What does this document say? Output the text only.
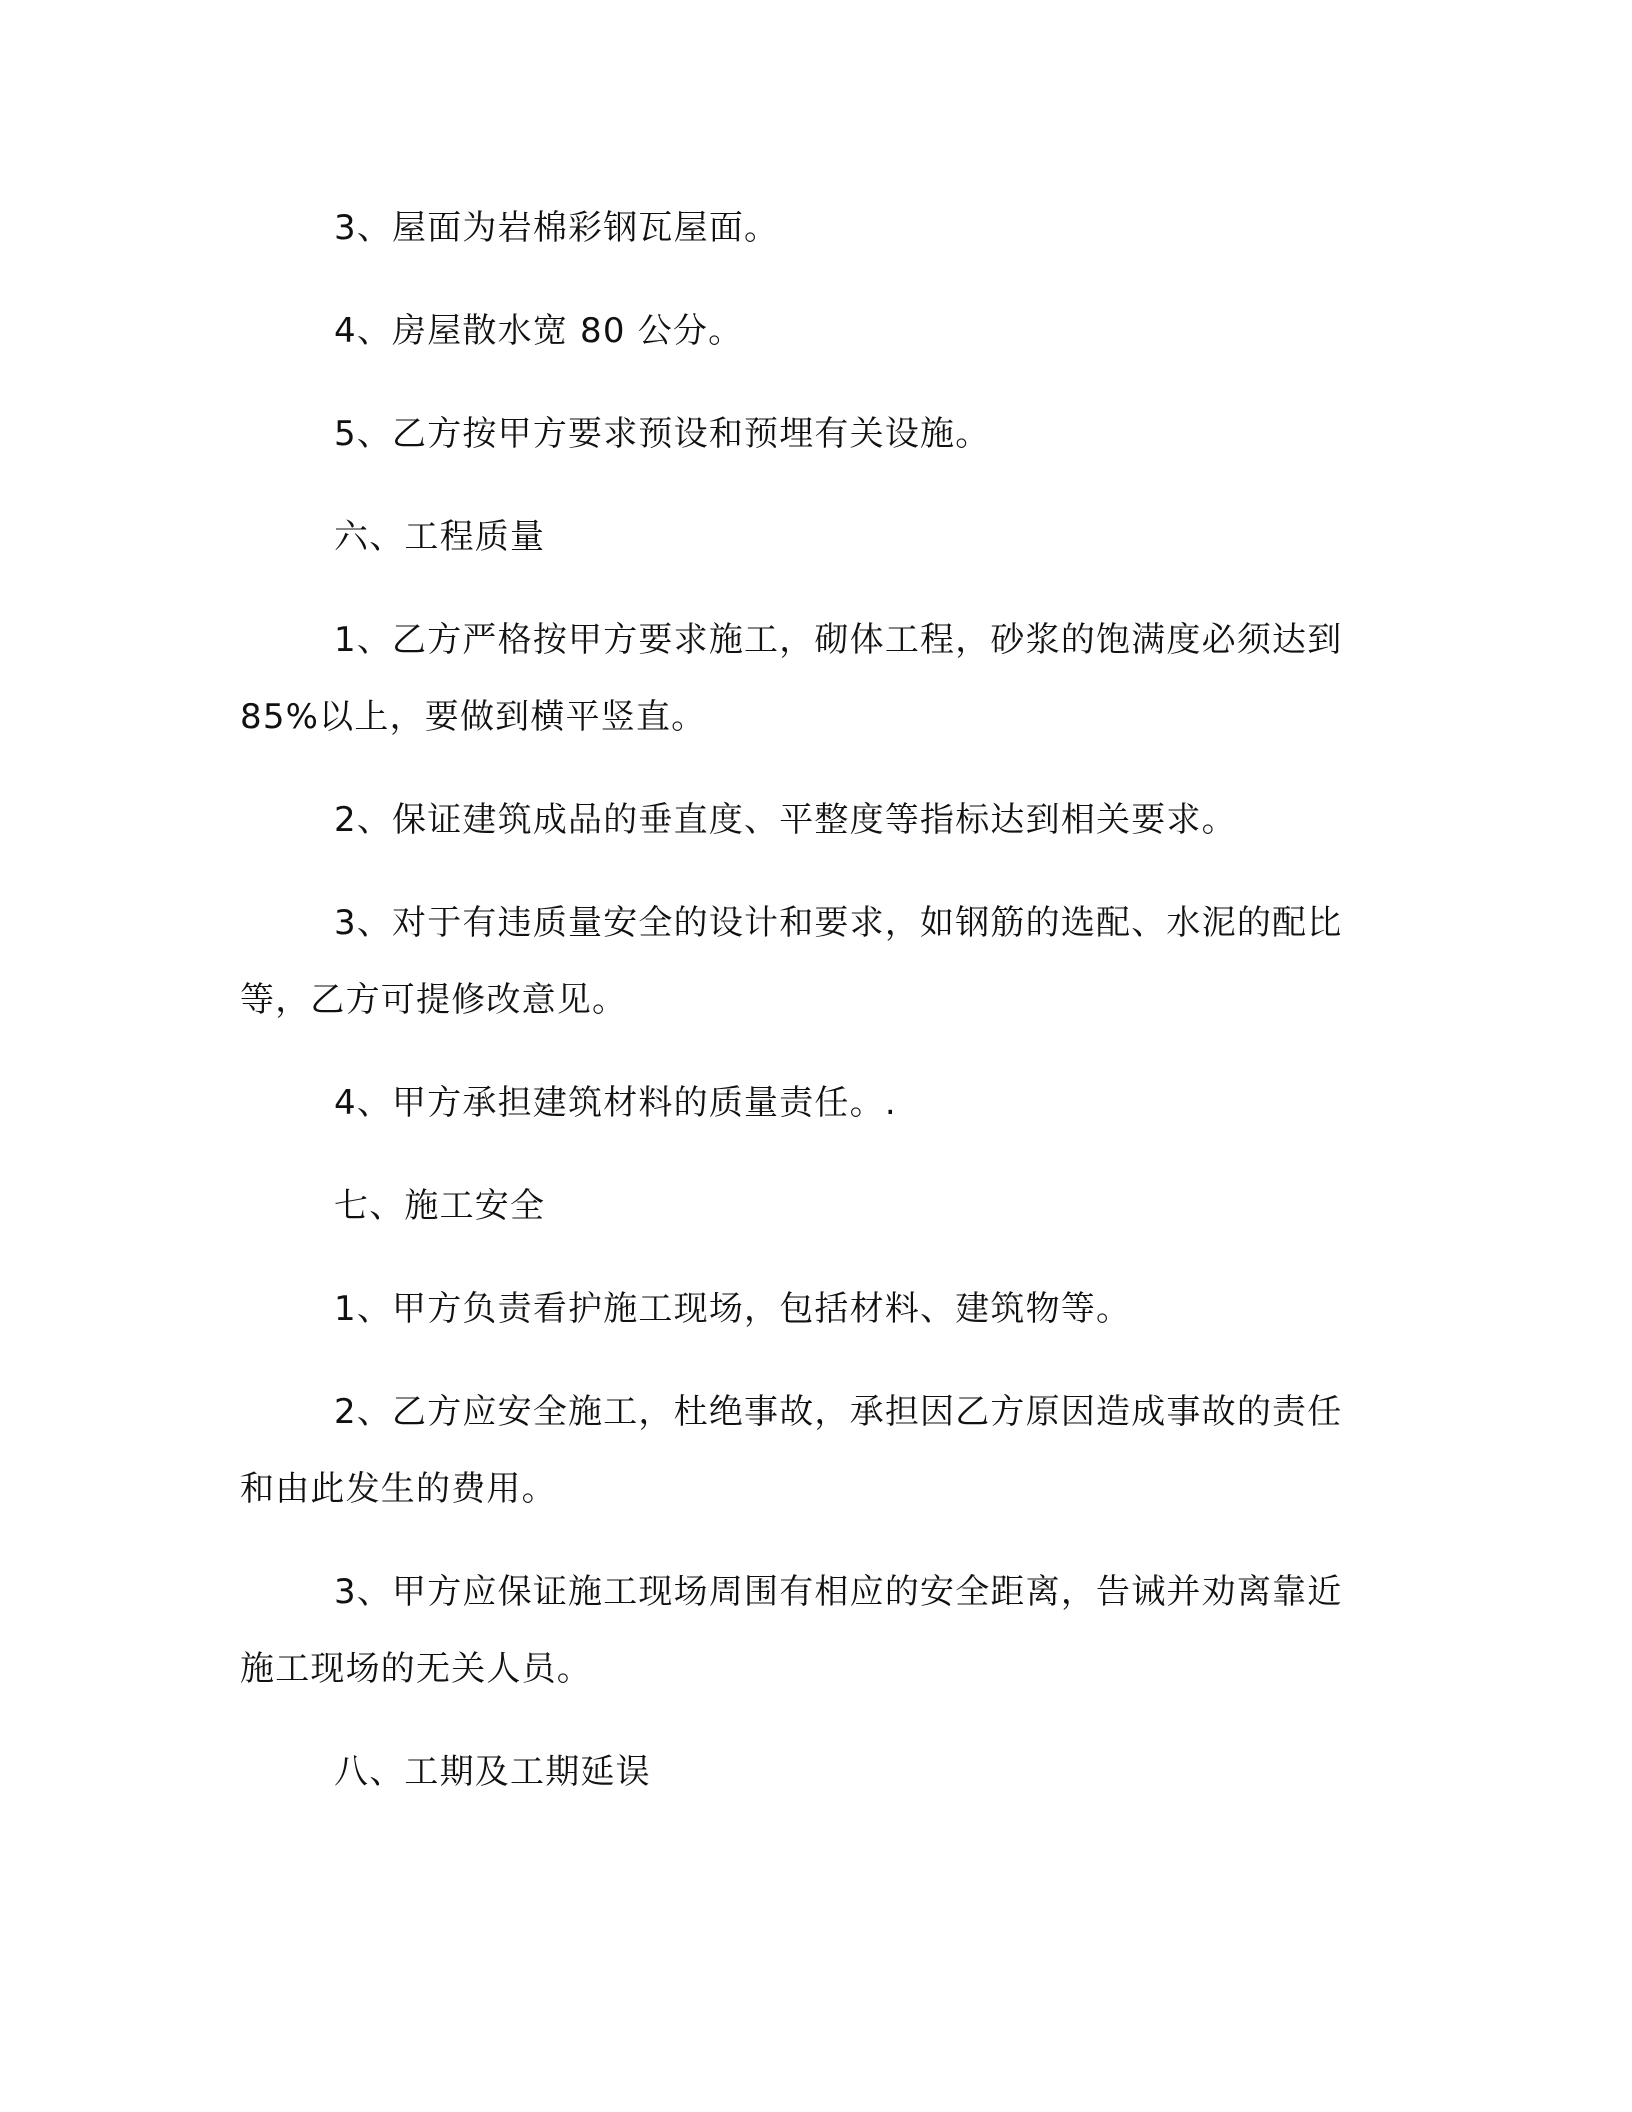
3、屋面为岩棉彩钢瓦屋面。

4、房屋散水宽 80 公分。

5、乙方按甲方要求预设和预埋有关设施。

六、工程质量

1、乙方严格按甲方要求施工，砌体工程，砂浆的饱满度必须达到 85%以上，要做到横平竖直。

2、保证建筑成品的垂直度、平整度等指标达到相关要求。

3、对于有违质量安全的设计和要求，如钢筋的选配、水泥的配比等，乙方可提修改意见。

4、甲方承担建筑材料的质量责任。.

七、施工安全

1、甲方负责看护施工现场，包括材料、建筑物等。

2、乙方应安全施工，杜绝事故，承担因乙方原因造成事故的责任和由此发生的费用。

3、甲方应保证施工现场周围有相应的安全距离，告诫并劝离靠近施工现场的无关人员。

八、工期及工期延误
